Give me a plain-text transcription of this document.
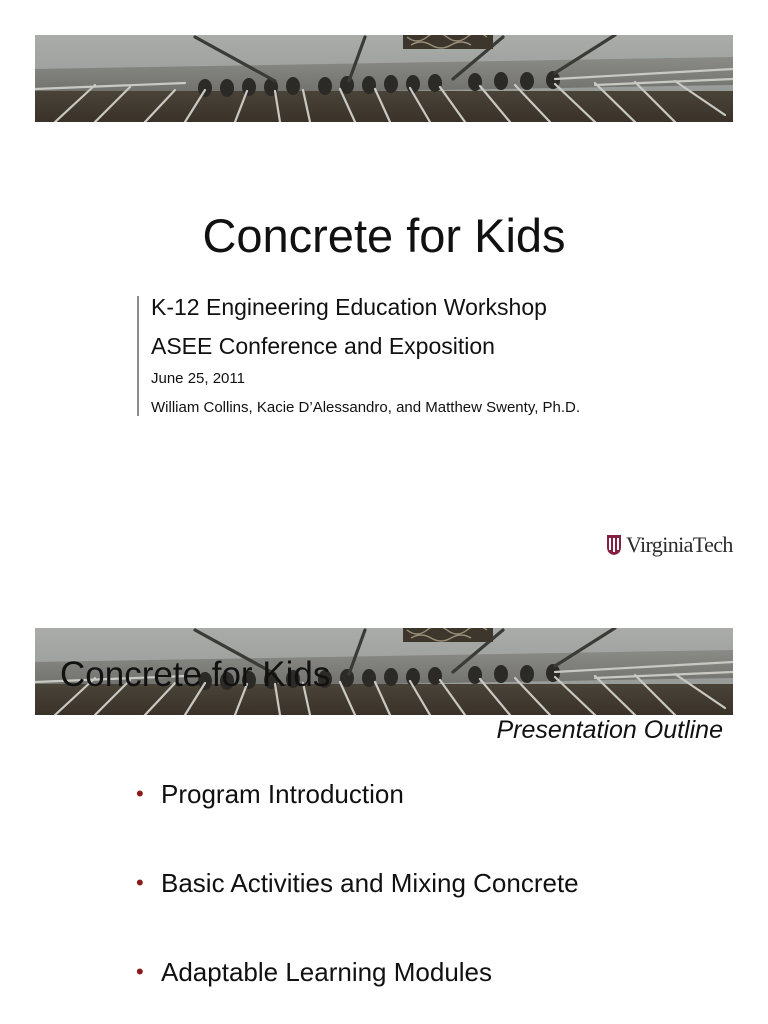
Concrete for Kids
K-12 Engineering Education Workshop
ASEE Conference and Exposition
June 25, 2011
William Collins, Kacie D’Alessandro, and Matthew Swenty, Ph.D.
Virginia Tech
Concrete for Kids
Presentation Outline
• Program Introduction
• Basic Activities and Mixing Concrete
• Adaptable Learning Modules
